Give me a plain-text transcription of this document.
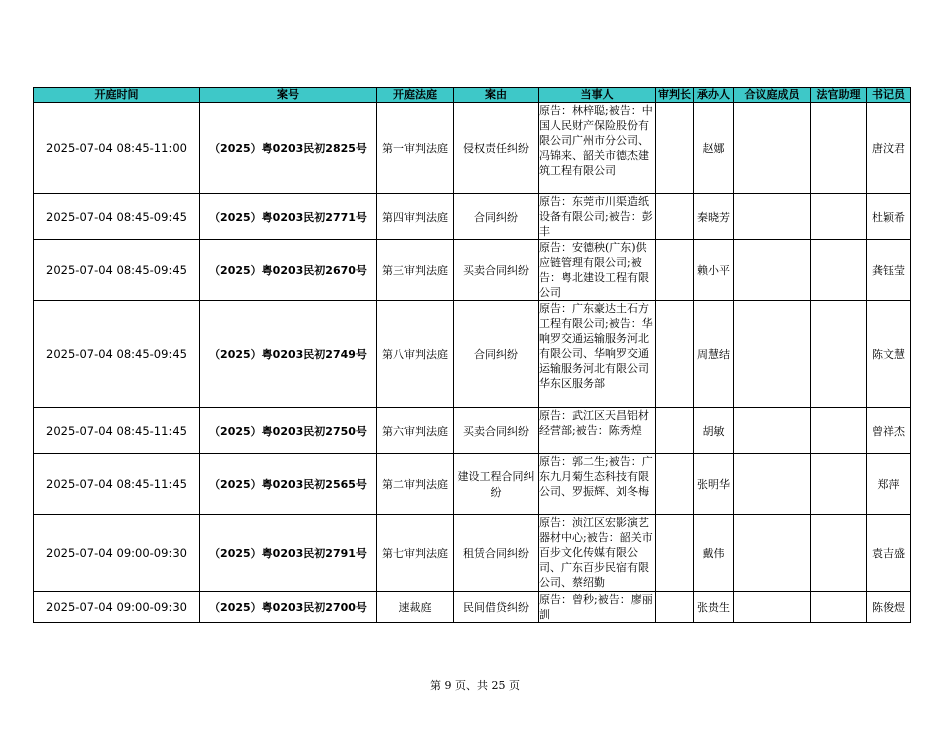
开庭时间	案号	开庭法庭	案由	当事人	审判长	承办人	合议庭成员	法官助理	书记员
2025-07-04 08:45-11:00	（2025）粤0203民初2825号	第一审判法庭	侵权责任纠纷	原告：林梓聪;被告：中国人民财产保险股份有限公司广州市分公司、冯锦来、韶关市德杰建筑工程有限公司		赵娜			唐汶君
2025-07-04 08:45-09:45	（2025）粤0203民初2771号	第四审判法庭	合同纠纷	原告：东莞市川渠造纸设备有限公司;被告：彭丰		秦晓芳			杜颖希
2025-07-04 08:45-09:45	（2025）粤0203民初2670号	第三审判法庭	买卖合同纠纷	原告：安德秧(广东)供应链管理有限公司;被告：粤北建设工程有限公司		赖小平			龚钰莹
2025-07-04 08:45-09:45	（2025）粤0203民初2749号	第八审判法庭	合同纠纷	原告：广东豪达土石方工程有限公司;被告：华响罗交通运输服务河北有限公司、华响罗交通运输服务河北有限公司华东区服务部		周慧结			陈文慧
2025-07-04 08:45-11:45	（2025）粤0203民初2750号	第六审判法庭	买卖合同纠纷	原告：武江区天昌铝材经营部;被告：陈秀煌		胡敏			曾祥杰
2025-07-04 08:45-11:45	（2025）粤0203民初2565号	第二审判法庭	建设工程合同纠纷	原告：郭二生;被告：广东九月菊生态科技有限公司、罗振辉、刘冬梅		张明华			郑萍
2025-07-04 09:00-09:30	（2025）粤0203民初2791号	第七审判法庭	租赁合同纠纷	原告：浈江区宏影演艺器材中心;被告：韶关市百步文化传媒有限公司、广东百步民宿有限公司、蔡绍勤		戴伟			袁吉盛
2025-07-04 09:00-09:30	（2025）粤0203民初2700号	速裁庭	民间借贷纠纷	原告：曾秒;被告：廖丽訓		张贵生			陈俊煜
第 9 页、共 25 页
